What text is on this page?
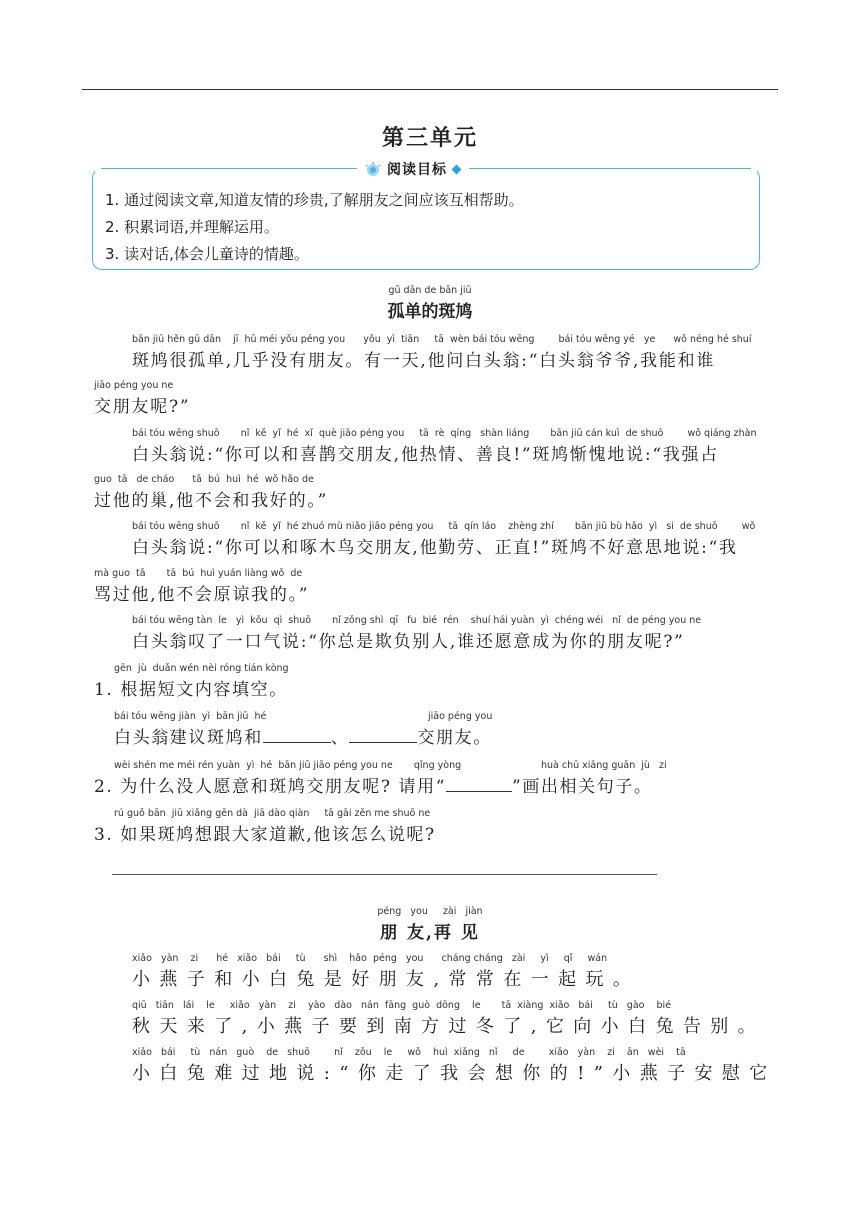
第三单元
阅读目标
1. 通过阅读文章,知道友情的珍贵,了解朋友之间应该互相帮助。
2. 积累词语,并理解运用。
3. 读对话,体会儿童诗的情趣。
gū dān de bān jiū
孤单的斑鸠
bān jiū hěn gū dān    jī  hū méi yǒu péng you      yǒu  yì  tiān     tā  wèn bái tóu wēng        bái tóu wēng yé   ye      wǒ néng hé shuí
斑鸠很孤单,几乎没有朋友。有一天,他问白头翁:“白头翁爷爷,我能和谁
jiāo péng you ne
交朋友呢?”
bái tóu wēng shuō       nǐ  kě  yǐ  hé  xǐ  què jiāo péng you     tā  rè  qíng   shàn liáng       bān jiū cán kuì  de shuō        wǒ qiáng zhàn
白头翁说:“你可以和喜鹊交朋友,他热情、善良!”斑鸠惭愧地说:“我强占
guo  tā   de cháo      tā  bú  huì  hé  wǒ hǎo de
过他的巢,他不会和我好的。”
bái tóu wēng shuō       nǐ  kě  yǐ  hé zhuó mù niǎo jiāo péng you     tā  qín láo    zhèng zhí       bān jiū bù hǎo  yì   si  de shuō        wǒ
白头翁说:“你可以和啄木鸟交朋友,他勤劳、正直!”斑鸠不好意思地说:“我
mà guo  tā       tā  bú  huì yuán liàng wǒ  de
骂过他,他不会原谅我的。”
bái tóu wēng tàn  le   yì  kǒu  qì  shuō       nǐ zǒng shì  qī   fu  bié  rén    shuí hái yuàn  yì  chéng wéi   nǐ  de péng you ne
白头翁叹了一口气说:“你总是欺负别人,谁还愿意成为你的朋友呢?”
gēn  jù  duǎn wén nèi róng tián kòng
1. 根据短文内容填空。
bái tóu wēng jiàn  yì  bān jiū  hé	jiāo péng you
白头翁建议斑鸠和	、	交朋友。
wèi shén me méi rén yuàn  yì  hé  bān jiū jiāo péng you ne       qǐng yòng	huà chū xiāng guān  jù   zi
2. 为什么没人愿意和斑鸠交朋友呢? 请用“	”画出相关句子。
rú guǒ bān  jiū xiǎng gēn dà  jiā dào qiàn     tā gāi zěn me shuō ne
3. 如果斑鸠想跟大家道歉,他该怎么说呢?
péng   you     zài   jiàn
朋 友,再 见
xiǎo   yàn    zi      hé   xiǎo   bái     tù      shì    hǎo  péng   you      cháng cháng   zài     yì     qǐ     wán
小燕子和小白兔是好朋友,常常在一起玩。
qiū   tiān   lái    le     xiǎo   yàn    zi    yào   dào   nán  fāng  guò  dōng    le       tā  xiàng  xiǎo   bái     tù   gào    bié
秋天来了,小燕子要到南方过冬了,它向小白兔告别。
xiǎo   bái     tù   nán   guò    de   shuō        nǐ    zǒu    le     wǒ    huì  xiǎng   nǐ     de        xiǎo   yàn    zi    ān   wèi    tā
小白兔难过地说:“你走了我会想你的!”小燕子安慰它
